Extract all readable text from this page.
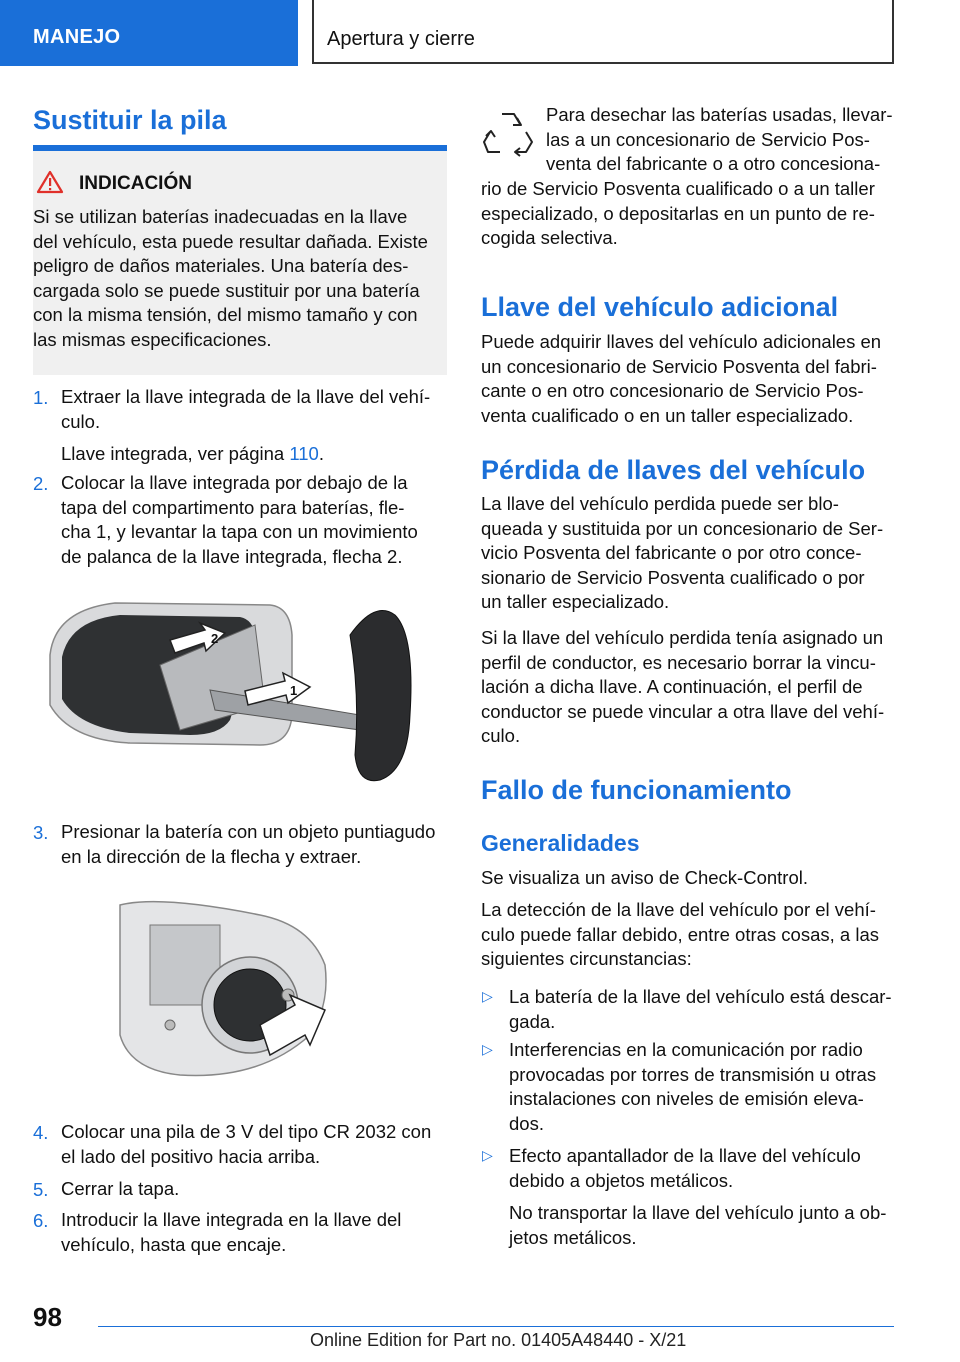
MANEJO	Apertura y cierre
Sustituir la pila
INDICACIÓN
Si se utilizan baterías inadecuadas en la llave
del vehículo, esta puede resultar dañada. Existe
peligro de daños materiales. Una batería des-
cargada solo se puede sustituir por una batería
con la misma tensión, del mismo tamaño y con
las mismas especificaciones.
1. Extraer la llave integrada de la llave del vehí-
culo.
Llave integrada, ver página 110.
2. Colocar la llave integrada por debajo de la
tapa del compartimento para baterías, fle-
cha 1, y levantar la tapa con un movimiento
de palanca de la llave integrada, flecha 2.
2
1
3. Presionar la batería con un objeto puntiagudo
en la dirección de la flecha y extraer.
4. Colocar una pila de 3 V del tipo CR 2032 con
el lado del positivo hacia arriba.
5. Cerrar la tapa.
6. Introducir la llave integrada en la llave del
vehículo, hasta que encaje.
Para desechar las baterías usadas, llevar-
las a un concesionario de Servicio Pos-
venta del fabricante o a otro concesiona-
rio de Servicio Posventa cualificado o a un taller
especializado, o depositarlas en un punto de re-
cogida selectiva.
Llave del vehículo adicional
Puede adquirir llaves del vehículo adicionales en
un concesionario de Servicio Posventa del fabri-
cante o en otro concesionario de Servicio Pos-
venta cualificado o en un taller especializado.
Pérdida de llaves del vehículo
La llave del vehículo perdida puede ser blo-
queada y sustituida por un concesionario de Ser-
vicio Posventa del fabricante o por otro conce-
sionario de Servicio Posventa cualificado o por
un taller especializado.
Si la llave del vehículo perdida tenía asignado un
perfil de conductor, es necesario borrar la vincu-
lación a dicha llave. A continuación, el perfil de
conductor se puede vincular a otra llave del vehí-
culo.
Fallo de funcionamiento
Generalidades
Se visualiza un aviso de Check-Control.
La detección de la llave del vehículo por el vehí-
culo puede fallar debido, entre otras cosas, a las
siguientes circunstancias:
▷ La batería de la llave del vehículo está descar-
gada.
▷ Interferencias en la comunicación por radio
provocadas por torres de transmisión u otras
instalaciones con niveles de emisión eleva-
dos.
▷ Efecto apantallador de la llave del vehículo
debido a objetos metálicos.
No transportar la llave del vehículo junto a ob-
jetos metálicos.
98
Online Edition for Part no. 01405A48440 - X/21
